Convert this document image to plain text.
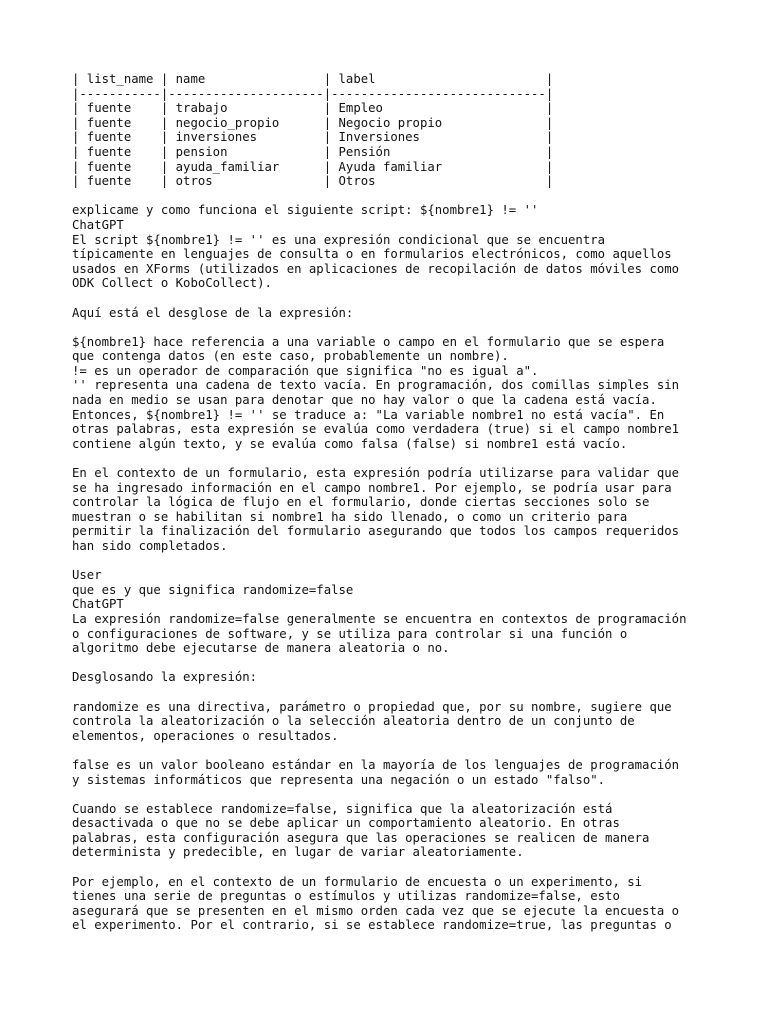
| list_name | name                | label                       |
|-----------|---------------------|-----------------------------|
| fuente    | trabajo             | Empleo                      |
| fuente    | negocio_propio      | Negocio propio              |
| fuente    | inversiones         | Inversiones                 |
| fuente    | pension             | Pensión                     |
| fuente    | ayuda_familiar      | Ayuda familiar              |
| fuente    | otros               | Otros                       |
explicame y como funciona el siguiente script: ${nombre1} != ''
ChatGPT
El script ${nombre1} != '' es una expresión condicional que se encuentra
típicamente en lenguajes de consulta o en formularios electrónicos, como aquellos
usados en XForms (utilizados en aplicaciones de recopilación de datos móviles como
ODK Collect o KoboCollect).
Aquí está el desglose de la expresión:
${nombre1} hace referencia a una variable o campo en el formulario que se espera
que contenga datos (en este caso, probablemente un nombre).
!= es un operador de comparación que significa "no es igual a".
'' representa una cadena de texto vacía. En programación, dos comillas simples sin
nada en medio se usan para denotar que no hay valor o que la cadena está vacía.
Entonces, ${nombre1} != '' se traduce a: "La variable nombre1 no está vacía". En
otras palabras, esta expresión se evalúa como verdadera (true) si el campo nombre1
contiene algún texto, y se evalúa como falsa (false) si nombre1 está vacío.
En el contexto de un formulario, esta expresión podría utilizarse para validar que
se ha ingresado información en el campo nombre1. Por ejemplo, se podría usar para
controlar la lógica de flujo en el formulario, donde ciertas secciones solo se
muestran o se habilitan si nombre1 ha sido llenado, o como un criterio para
permitir la finalización del formulario asegurando que todos los campos requeridos
han sido completados.
User
que es y que significa randomize=false
ChatGPT
La expresión randomize=false generalmente se encuentra en contextos de programación
o configuraciones de software, y se utiliza para controlar si una función o
algoritmo debe ejecutarse de manera aleatoria o no.
Desglosando la expresión:
randomize es una directiva, parámetro o propiedad que, por su nombre, sugiere que
controla la aleatorización o la selección aleatoria dentro de un conjunto de
elementos, operaciones o resultados.
false es un valor booleano estándar en la mayoría de los lenguajes de programación
y sistemas informáticos que representa una negación o un estado "falso".
Cuando se establece randomize=false, significa que la aleatorización está
desactivada o que no se debe aplicar un comportamiento aleatorio. En otras
palabras, esta configuración asegura que las operaciones se realicen de manera
determinista y predecible, en lugar de variar aleatoriamente.
Por ejemplo, en el contexto de un formulario de encuesta o un experimento, si
tienes una serie de preguntas o estímulos y utilizas randomize=false, esto
asegurará que se presenten en el mismo orden cada vez que se ejecute la encuesta o
el experimento. Por el contrario, si se establece randomize=true, las preguntas o
